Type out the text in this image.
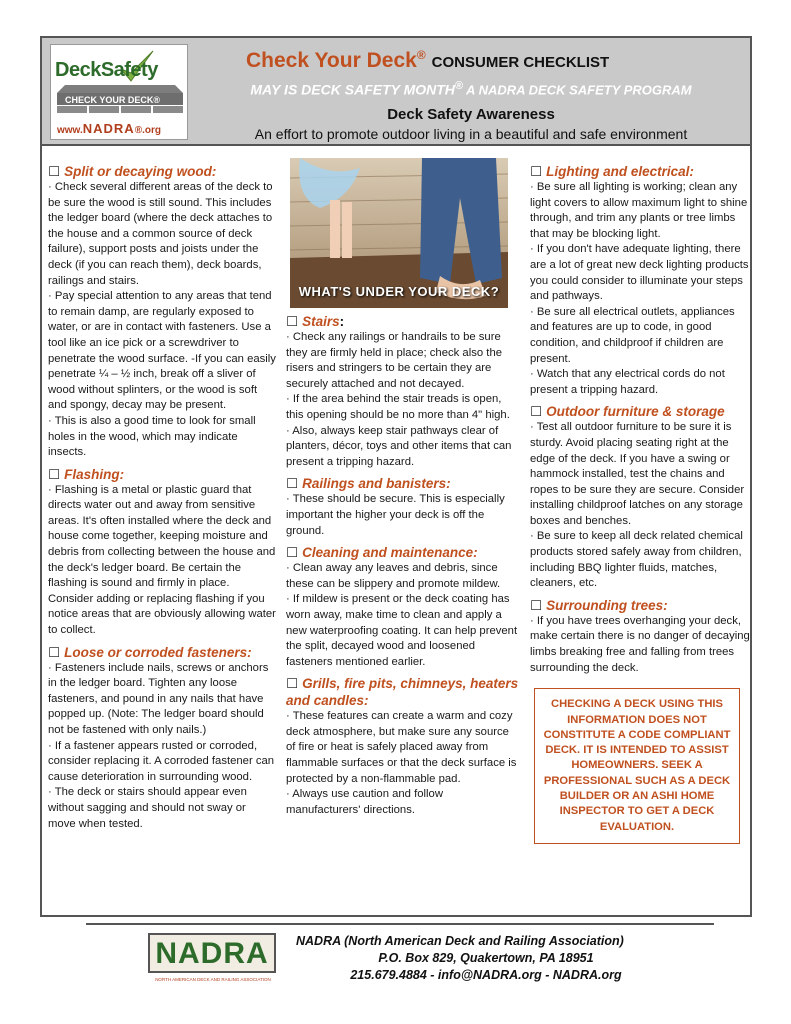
DeckSafety
CHECK YOUR DECK®
www.NADRA®.org
Check Your Deck® CONSUMER CHECKLIST
MAY IS DECK SAFETY MONTH® A NADRA DECK SAFETY PROGRAM
Deck Safety Awareness
An effort to promote outdoor living in a beautiful and safe environment
☐ Split or decaying wood:

· Check several different areas of the deck to be sure the wood is still sound. This includes the ledger board (where the deck attaches to the house and a common source of deck failure), support posts and joists under the deck (if you can reach them), deck boards, railings and stairs.

· Pay special attention to any areas that tend to remain damp, are regularly exposed to water, or are in contact with fasteners. Use a tool like an ice pick or a screwdriver to penetrate the wood surface. -If you can easily penetrate ¼ – ½ inch, break off a sliver of wood without splinters, or the wood is soft and spongy, decay may be present.

· This is also a good time to look for small holes in the wood, which may indicate insects.

☐ Flashing:

· Flashing is a metal or plastic guard that directs water out and away from sensitive areas. It's often installed where the deck and house come together, keeping moisture and debris from collecting between the house and the deck's ledger board. Be certain the flashing is sound and firmly in place. Consider adding or replacing flashing if you notice areas that are obviously allowing water to collect.

☐ Loose or corroded fasteners:

· Fasteners include nails, screws or anchors in the ledger board. Tighten any loose fasteners, and pound in any nails that have popped up. (Note: The ledger board should not be fastened with only nails.)

· If a fastener appears rusted or corroded, consider replacing it. A corroded fastener can cause deterioration in surrounding wood.

· The deck or stairs should appear even without sagging and should not sway or move when tested.

WHAT'S UNDER YOUR DECK?
☐ Stairs:

· Check any railings or handrails to be sure they are firmly held in place; check also the risers and stringers to be certain they are securely attached and not decayed.

· If the area behind the stair treads is open, this opening should be no more than 4" high.

· Also, always keep stair pathways clear of planters, décor, toys and other items that can present a tripping hazard.

☐ Railings and banisters:

· These should be secure. This is especially important the higher your deck is off the ground.

☐ Cleaning and maintenance:

· Clean away any leaves and debris, since these can be slippery and promote mildew.

· If mildew is present or the deck coating has worn away, make time to clean and apply a new waterproofing coating. It can help prevent the split, decayed wood and loosened fasteners mentioned earlier.

☐ Grills, fire pits, chimneys, heaters and candles:

· These features can create a warm and cozy deck atmosphere, but make sure any source of fire or heat is safely placed away from flammable surfaces or that the deck surface is protected by a non-flammable pad.

· Always use caution and follow manufacturers' directions.

☐ Lighting and electrical:

· Be sure all lighting is working; clean any light covers to allow maximum light to shine through, and trim any plants or tree limbs that may be blocking light.

· If you don't have adequate lighting, there are a lot of great new deck lighting products you could consider to illuminate your steps and pathways.

· Be sure all electrical outlets, appliances and features are up to code, in good condition, and childproof if children are present.

· Watch that any electrical cords do not present a tripping hazard.

☐ Outdoor furniture & storage

· Test all outdoor furniture to be sure it is sturdy. Avoid placing seating right at the edge of the deck. If you have a swing or hammock installed, test the chains and ropes to be sure they are secure. Consider installing childproof latches on any storage boxes and benches.

· Be sure to keep all deck related chemical products stored safely away from children, including BBQ lighter fluids, matches, cleaners, etc.

☐ Surrounding trees:

· If you have trees overhanging your deck, make certain there is no danger of decaying limbs breaking free and falling from trees surrounding the deck.

CHECKING A DECK USING THIS INFORMATION DOES NOT CONSTITUTE A CODE COMPLIANT DECK. IT IS INTENDED TO ASSIST HOMEOWNERS. SEEK A PROFESSIONAL SUCH AS A DECK BUILDER OR AN ASHI HOME INSPECTOR TO GET A DECK EVALUATION.
NADRA
NORTH AMERICAN DECK AND RAILING ASSOCIATION
NADRA (North American Deck and Railing Association)
P.O. Box 829, Quakertown, PA 18951
215.679.4884 - info@NADRA.org - NADRA.org
